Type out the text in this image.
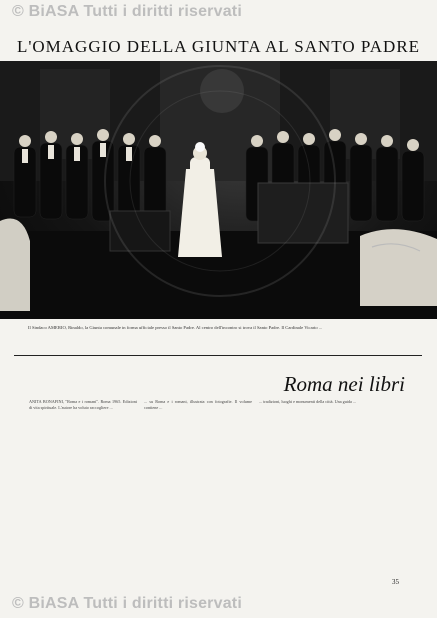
© BiASA Tutti i diritti riservati
L'OMAGGIO DELLA GIUNTA AL SANTO PADRE
Il Sindaco AMERIO, Rinaldo, la Giunta comunale in forma ufficiale presso il Santo Padre. Al centro dell'incontro si trova il Santo Padre. Il Cardinale Vicario ...
Roma nei libri
ANITA BONAFINI, "Roma e i romani". Roma 1965. Edizioni di vita spirituale. L'autore ha voluto raccogliere ...
... su Roma e i romani, illustrata con fotografie. Il volume contiene ...
... tradizioni, luoghi e monumenti della città. Una guida ...
35
© BiASA Tutti i diritti riservati
